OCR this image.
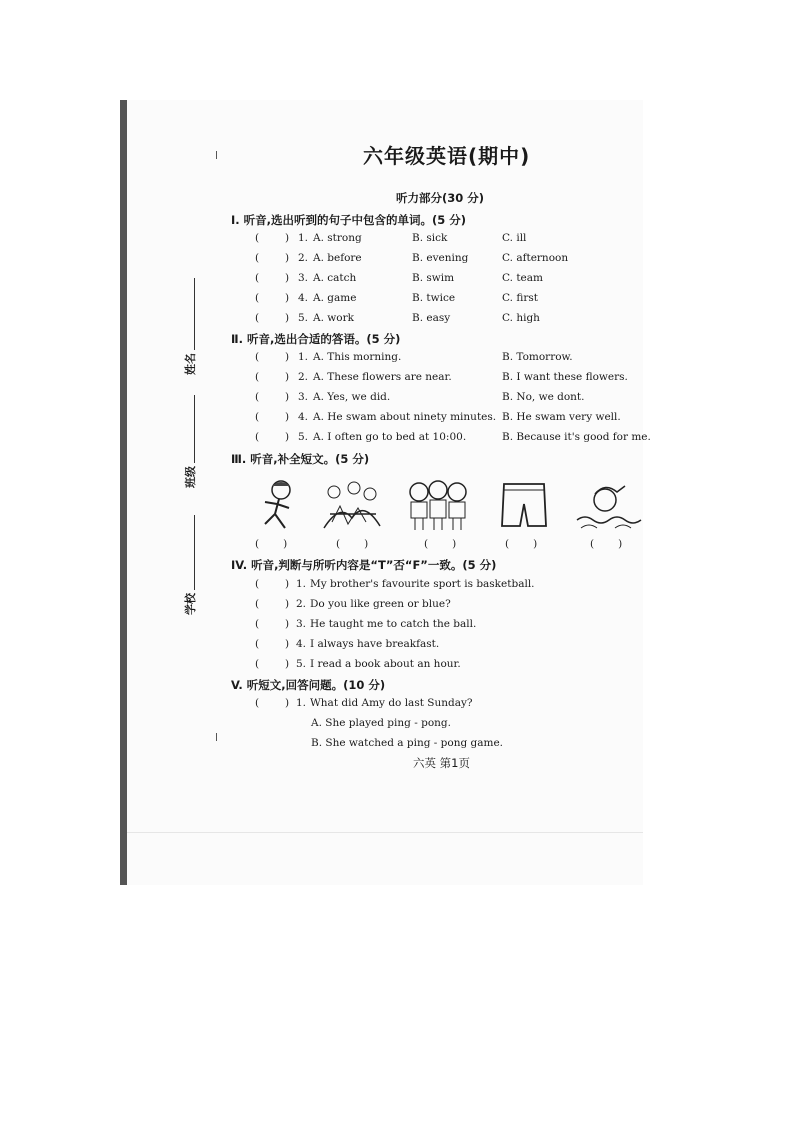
姓名
班级
学校
六年级英语(期中)
听力部分(30 分)
I. 听音,选出听到的句子中包含的单词。(5 分)
( ) 1. A. strong	B. sick	C. ill
( ) 2. A. before	B. evening	C. afternoon
( ) 3. A. catch	B. swim	C. team
( ) 4. A. game	B. twice	C. first
( ) 5. A. work	B. easy	C. high
Ⅱ. 听音,选出合适的答语。(5 分)
( ) 1. A. This morning.	B. Tomorrow.
( ) 2. A. These flowers are near.	B. I want these flowers.
( ) 3. A. Yes, we did.	B. No, we dont.
( ) 4. A. He swam about ninety minutes. B. He swam very well.
( ) 5. A. I often go to bed at 10:00.	B. Because it's good for me.
Ⅲ. 听音,补全短文。(5 分)
( )	( )	( )	( )	( )
IV. 听音,判断与所听内容是“T”否“F”一致。(5 分)
( ) 1. My brother's favourite sport is basketball.
( ) 2. Do you like green or blue?
( ) 3. He taught me to catch the ball.
( ) 4. I always have breakfast.
( ) 5. I read a book about an hour.
V. 听短文,回答问题。(10 分)
( ) 1. What did Amy do last Sunday?
A. She played ping - pong.
B. She watched a ping - pong game.
六英 第1页
